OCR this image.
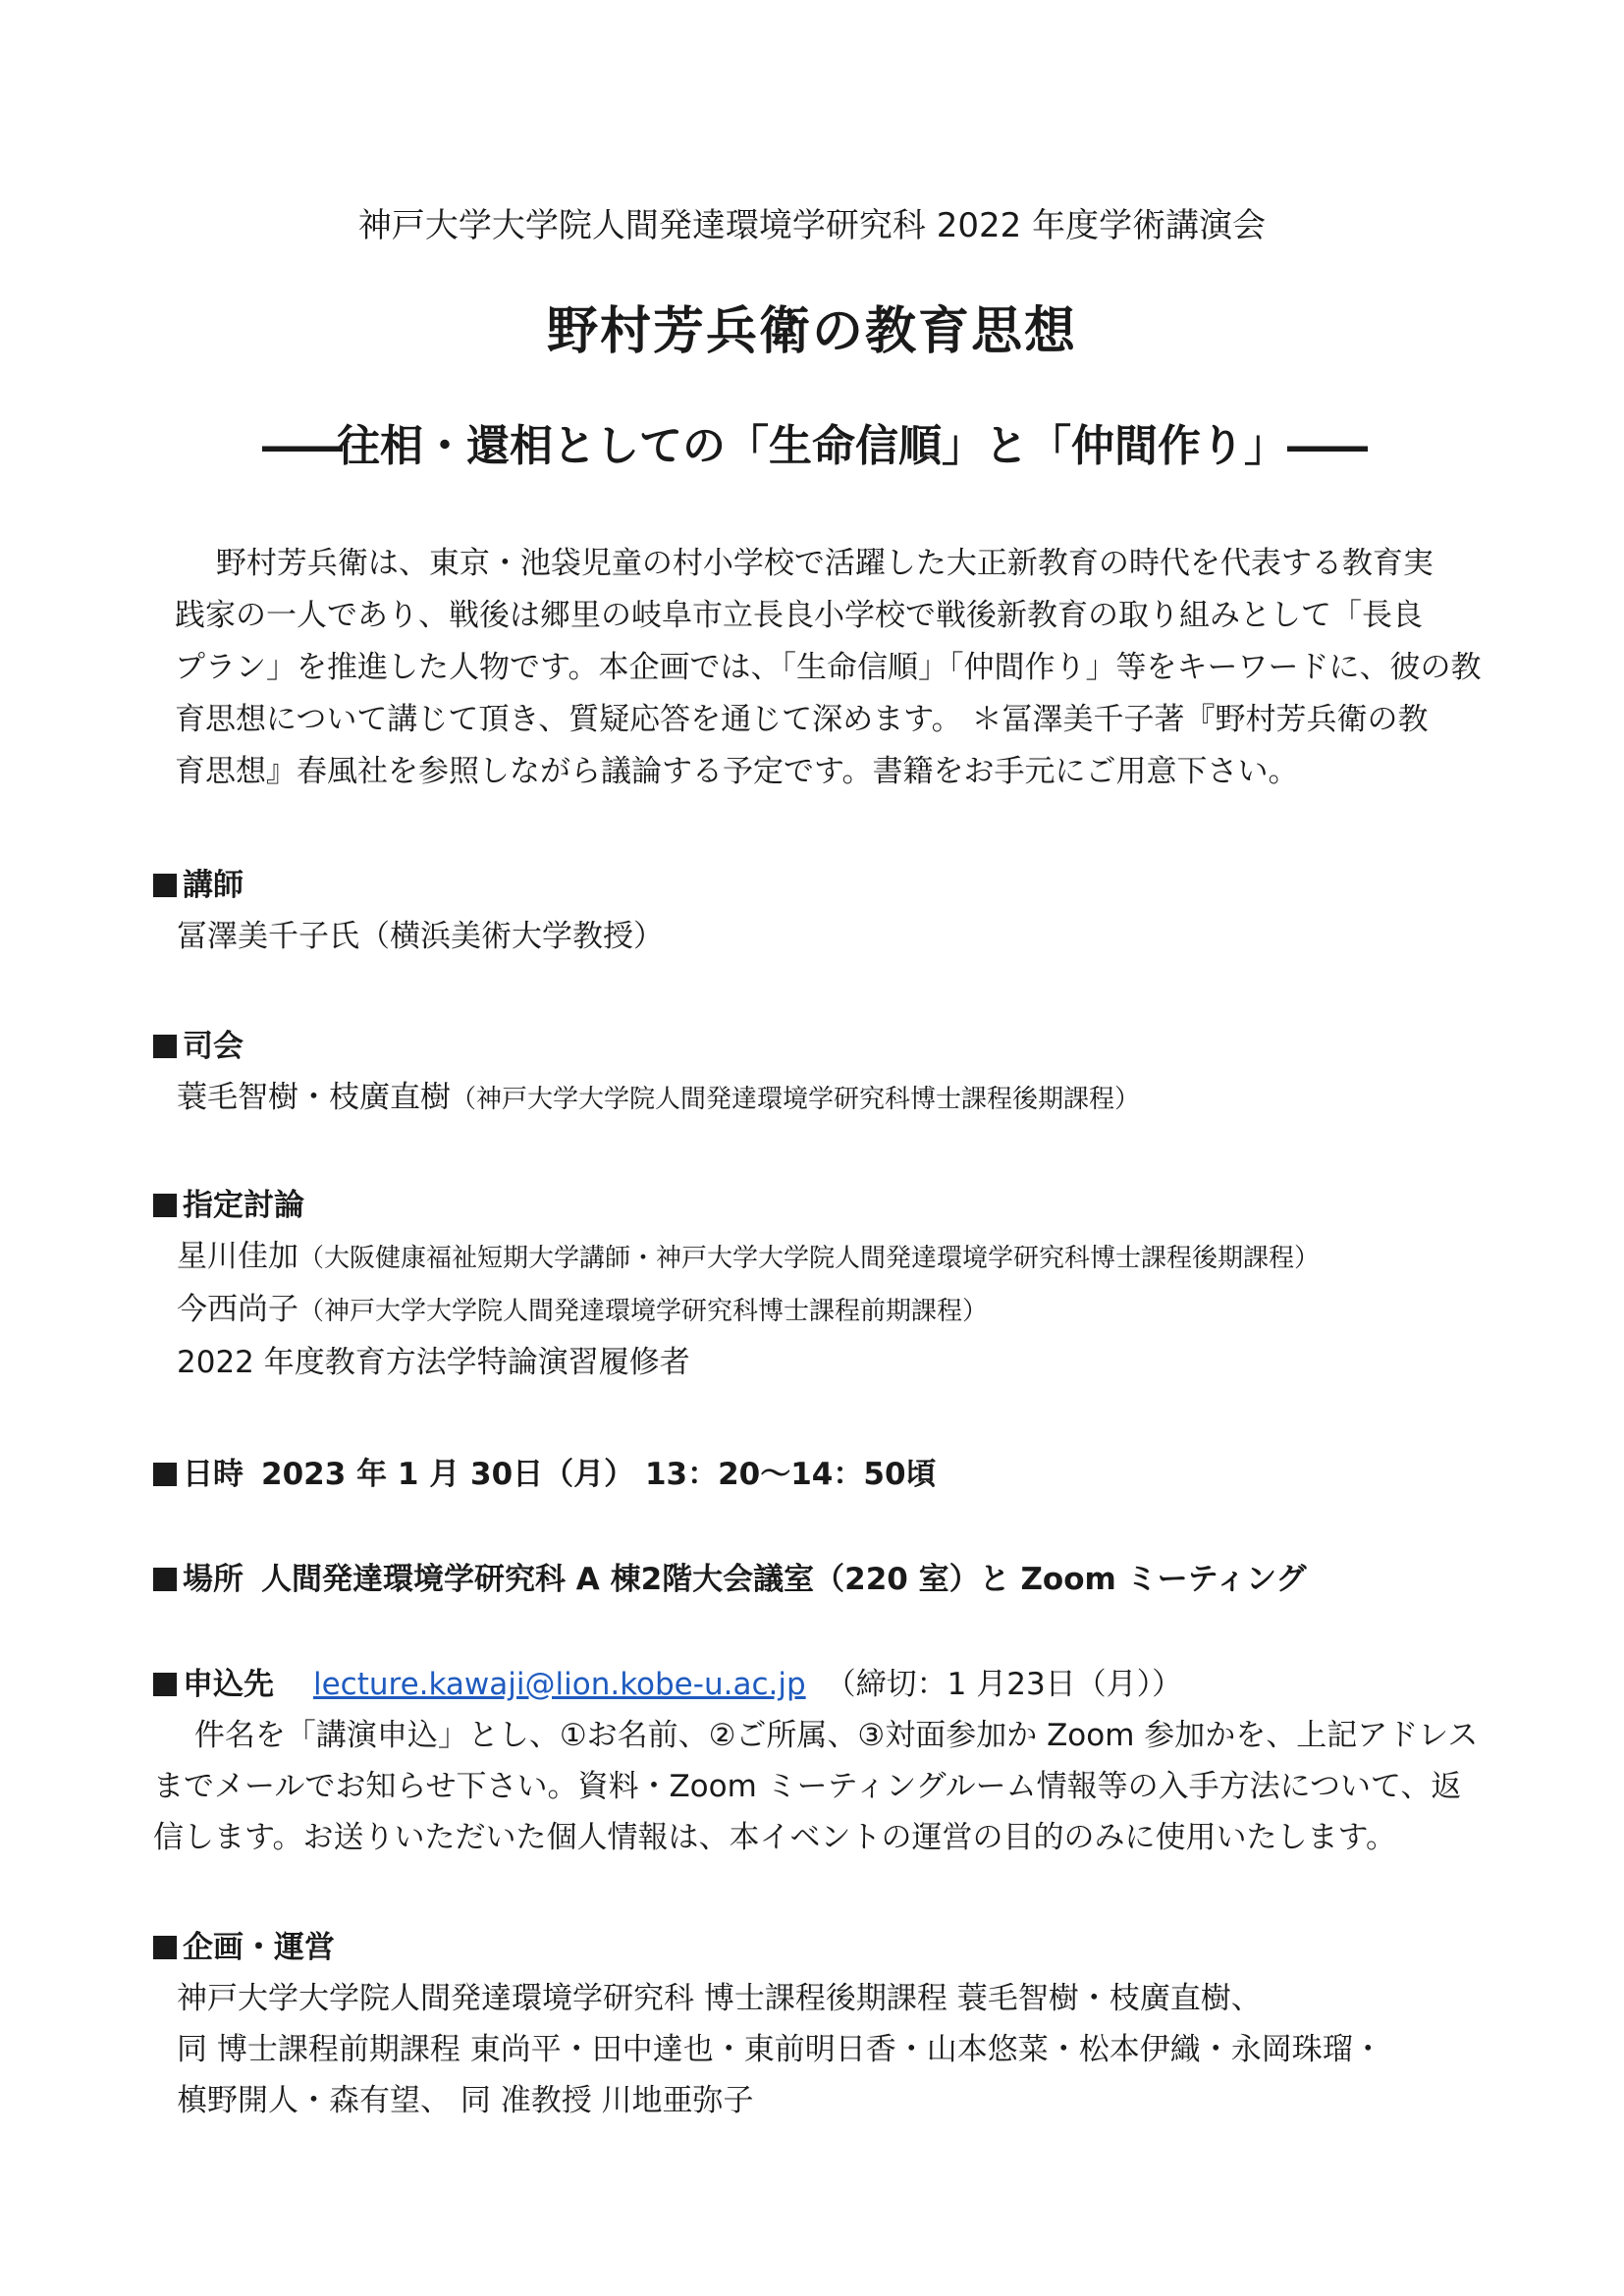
神戸大学大学院人間発達環境学研究科 2022 年度学術講演会
野村芳兵衛の教育思想
――往相・還相としての「生命信順」と「仲間作り」――
野村芳兵衛は、東京・池袋児童の村小学校で活躍した大正新教育の時代を代表する教育実
践家の一人であり、戦後は郷里の岐阜市立長良小学校で戦後新教育の取り組みとして「長良
プラン」を推進した人物です。本企画では、「生命信順」「仲間作り」等をキーワードに、彼の教
育思想について講じて頂き、質疑応答を通じて深めます。 ＊冨澤美千子著『野村芳兵衛の教
育思想』春風社を参照しながら議論する予定です。書籍をお手元にご用意下さい。
講師
冨澤美千子氏（横浜美術大学教授）
司会
蓑毛智樹・枝廣直樹（神戸大学大学院人間発達環境学研究科博士課程後期課程）
指定討論
星川佳加（大阪健康福祉短期大学講師・神戸大学大学院人間発達環境学研究科博士課程後期課程）
今西尚子（神戸大学大学院人間発達環境学研究科博士課程前期課程）
2022 年度教育方法学特論演習履修者
日時 2023 年 1 月 30日（月） 13：20～14：50頃
場所 人間発達環境学研究科 A 棟2階大会議室（220 室）と Zoom ミーティング
申込先 lecture.kawaji@lion.kobe-u.ac.jp （締切：1 月23日（月））
件名を「講演申込」とし、①お名前、②ご所属、③対面参加か Zoom 参加かを、上記アドレス
までメールでお知らせ下さい。資料・Zoom ミーティングルーム情報等の入手方法について、返
信します。お送りいただいた個人情報は、本イベントの運営の目的のみに使用いたします。
企画・運営
神戸大学大学院人間発達環境学研究科 博士課程後期課程 蓑毛智樹・枝廣直樹、
同 博士課程前期課程 東尚平・田中達也・東前明日香・山本悠菜・松本伊織・永岡珠瑠・
槙野開人・森有望、 同 准教授 川地亜弥子
